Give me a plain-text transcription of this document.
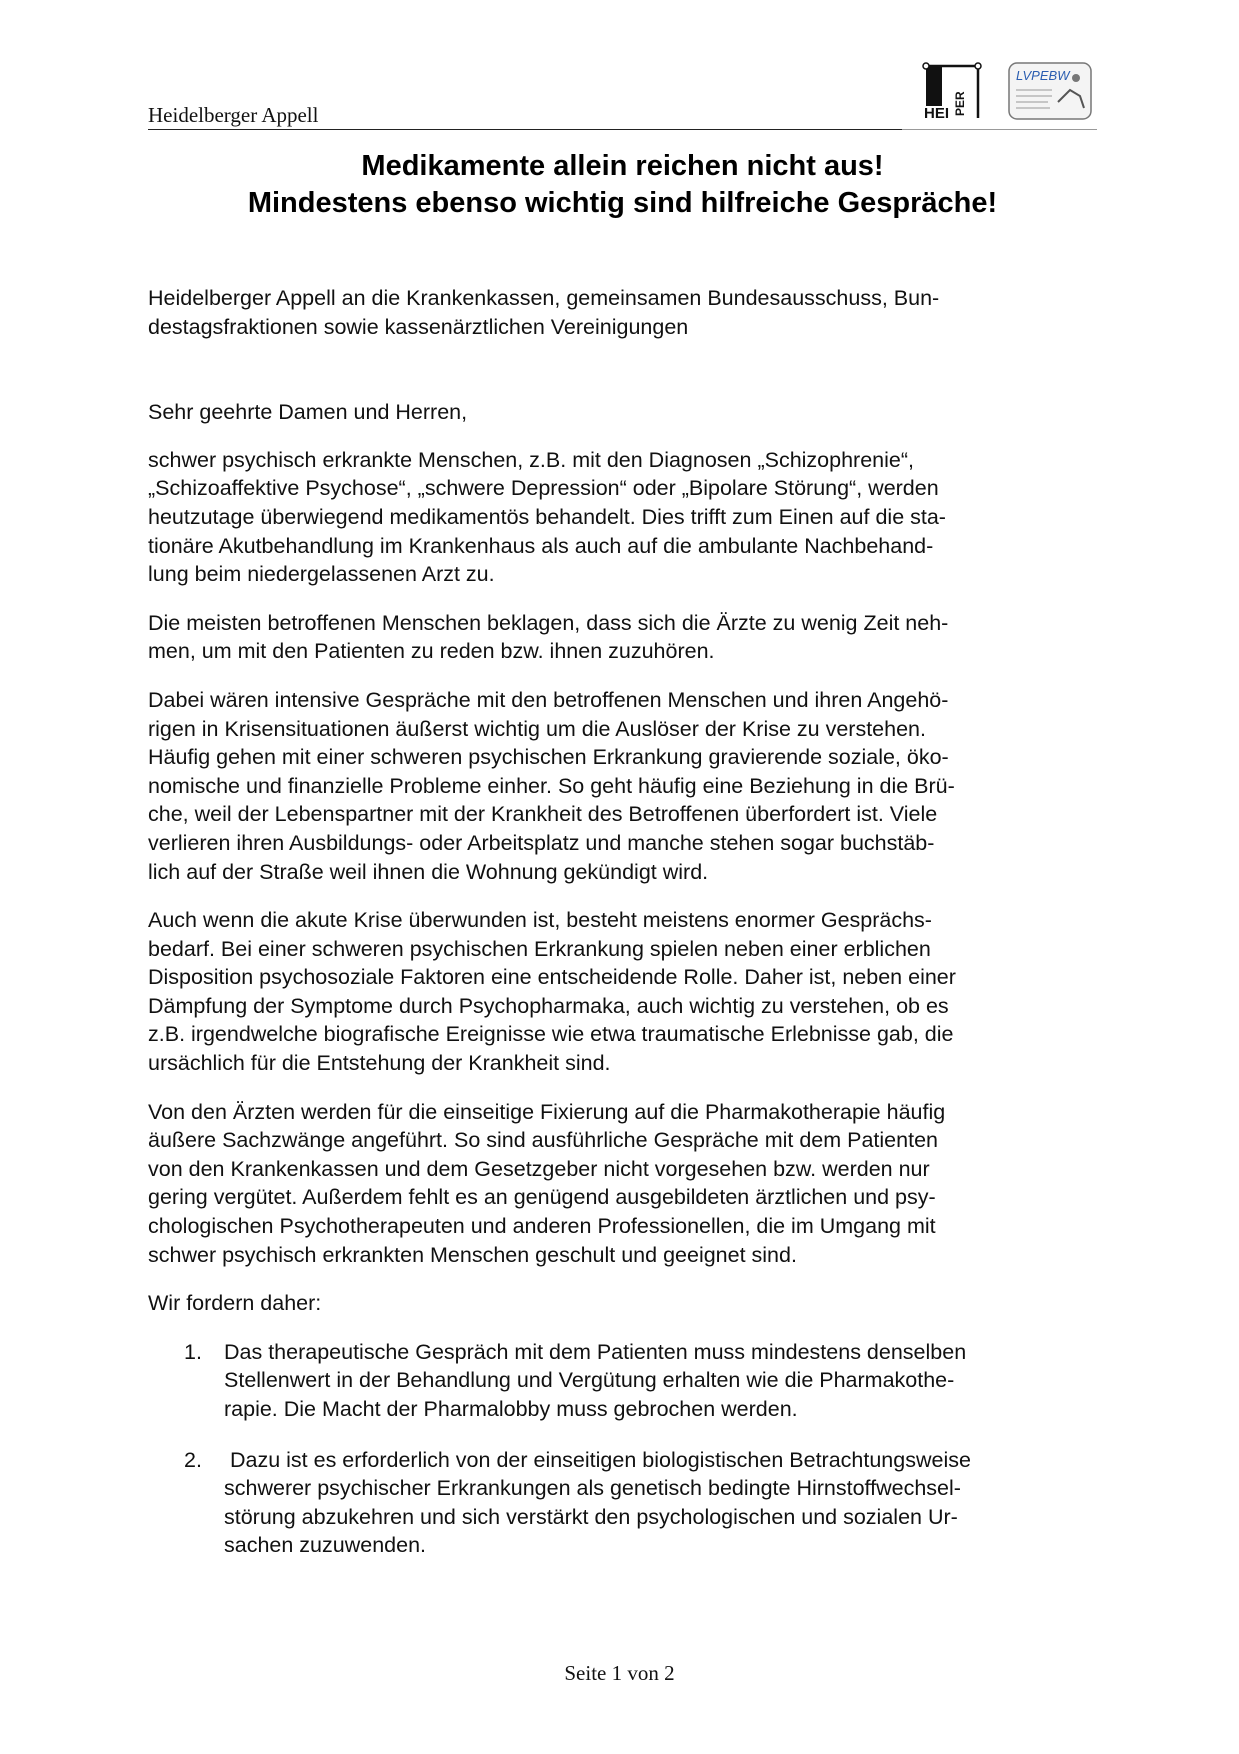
Heidelberger Appell	HEI PER
LVPEBW
Medikamente allein reichen nicht aus!
Mindestens ebenso wichtig sind hilfreiche Gespräche!

Heidelberger Appell an die Krankenkassen, gemeinsamen Bundesausschuss, Bun-
destagsfraktionen sowie kassenärztlichen Vereinigungen

Sehr geehrte Damen und Herren,

schwer psychisch erkrankte Menschen, z.B. mit den Diagnosen „Schizophrenie“,
„Schizoaffektive Psychose“, „schwere Depression“ oder „Bipolare Störung“, werden
heutzutage überwiegend medikamentös behandelt. Dies trifft zum Einen auf die sta-
tionäre Akutbehandlung im Krankenhaus als auch auf die ambulante Nachbehand-
lung beim niedergelassenen Arzt zu.

Die meisten betroffenen Menschen beklagen, dass sich die Ärzte zu wenig Zeit neh-
men, um mit den Patienten zu reden bzw. ihnen zuzuhören.

Dabei wären intensive Gespräche mit den betroffenen Menschen und ihren Angehö-
rigen in Krisensituationen äußerst wichtig um die Auslöser der Krise zu verstehen.
Häufig gehen mit einer schweren psychischen Erkrankung gravierende soziale, öko-
nomische und finanzielle Probleme einher. So geht häufig eine Beziehung in die Brü-
che, weil der Lebenspartner mit der Krankheit des Betroffenen überfordert ist. Viele
verlieren ihren Ausbildungs- oder Arbeitsplatz und manche stehen sogar buchstäb-
lich auf der Straße weil ihnen die Wohnung gekündigt wird.

Auch wenn die akute Krise überwunden ist, besteht meistens enormer Gesprächs-
bedarf. Bei einer schweren psychischen Erkrankung spielen neben einer erblichen
Disposition psychosoziale Faktoren eine entscheidende Rolle. Daher ist, neben einer
Dämpfung der Symptome durch Psychopharmaka, auch wichtig zu verstehen, ob es
z.B. irgendwelche biografische Ereignisse wie etwa traumatische Erlebnisse gab, die
ursächlich für die Entstehung der Krankheit sind.

Von den Ärzten werden für die einseitige Fixierung auf die Pharmakotherapie häufig
äußere Sachzwänge angeführt. So sind ausführliche Gespräche mit dem Patienten
von den Krankenkassen und dem Gesetzgeber nicht vorgesehen bzw. werden nur
gering vergütet. Außerdem fehlt es an genügend ausgebildeten ärztlichen und psy-
chologischen Psychotherapeuten und anderen Professionellen, die im Umgang mit
schwer psychisch erkrankten Menschen geschult und geeignet sind.

Wir fordern daher:

1. Das therapeutische Gespräch mit dem Patienten muss mindestens denselben
Stellenwert in der Behandlung und Vergütung erhalten wie die Pharmakothe-
rapie. Die Macht der Pharmalobby muss gebrochen werden.
2. Dazu ist es erforderlich von der einseitigen biologistischen Betrachtungsweise
schwerer psychischer Erkrankungen als genetisch bedingte Hirnstoffwechsel-
störung abzukehren und sich verstärkt den psychologischen und sozialen Ur-
sachen zuzuwenden.
Seite 1 von 2
